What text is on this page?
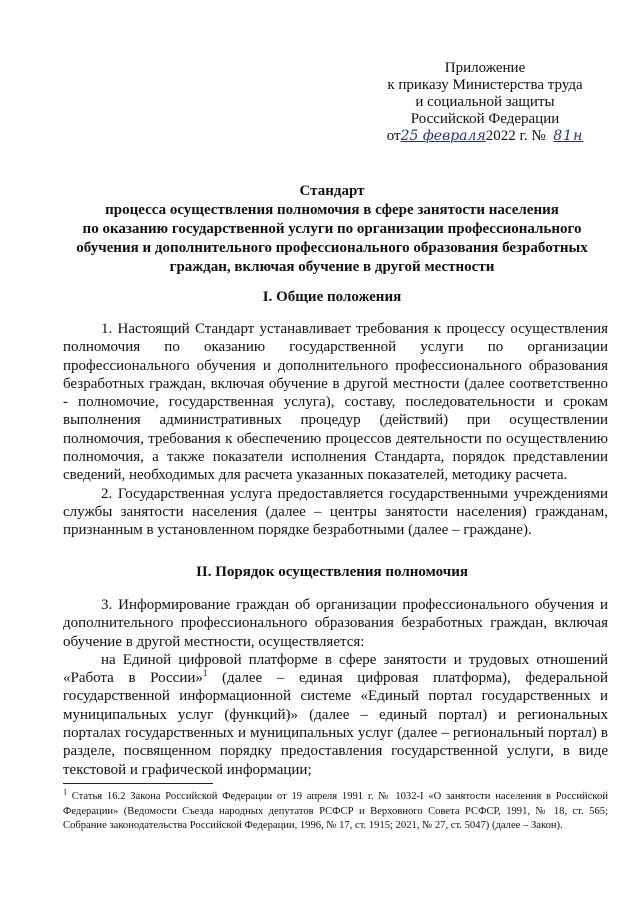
Приложение
к приказу Министерства труда
и социальной защиты
Российской Федерации
от25 февраля2022 г. № 81н
Стандарт
процесса осуществления полномочия в сфере занятости населения
по оказанию государственной услуги по организации профессионального
обучения и дополнительного профессионального образования безработных
граждан, включая обучение в другой местности
I. Общие положения

1. Настоящий Стандарт устанавливает требования к процессу осуществления полномочия по оказанию государственной услуги по организации профессионального обучения и дополнительного профессионального образования безработных граждан, включая обучение в другой местности (далее соответственно - полномочие, государственная услуга), составу, последовательности и срокам выполнения административных процедур (действий) при осуществлении полномочия, требования к обеспечению процессов деятельности по осуществлению полномочия, а также показатели исполнения Стандарта, порядок представлении сведений, необходимых для расчета указанных показателей, методику расчета.

2. Государственная услуга предоставляется государственными учреждениями службы занятости населения (далее – центры занятости населения) гражданам, признанным в установленном порядке безработными (далее – граждане).

II. Порядок осуществления полномочия

3. Информирование граждан об организации профессионального обучения и дополнительного профессионального образования безработных граждан, включая обучение в другой местности, осуществляется:

на Единой цифровой платформе в сфере занятости и трудовых отношений «Работа в России»$^1$ (далее – единая цифровая платформа), федеральной государственной информационной системе «Единый портал государственных и муниципальных услуг (функций)» (далее – единый портал) и региональных порталах государственных и муниципальных услуг (далее – региональный портал) в разделе, посвященном порядку предоставления государственной услуги, в виде текстовой и графической информации;

$^1$ Статья 16.2 Закона Российской Федерации от 19 апреля 1991 г. № 1032-I «О занятости населения в Российской Федерации» (Ведомости Съезда народных депутатов РСФСР и Верховного Совета РСФСР, 1991, № 18, ст. 565; Собрание законодательства Российской Федерации, 1996, № 17, ст. 1915; 2021, № 27, ст. 5047) (далее – Закон).
